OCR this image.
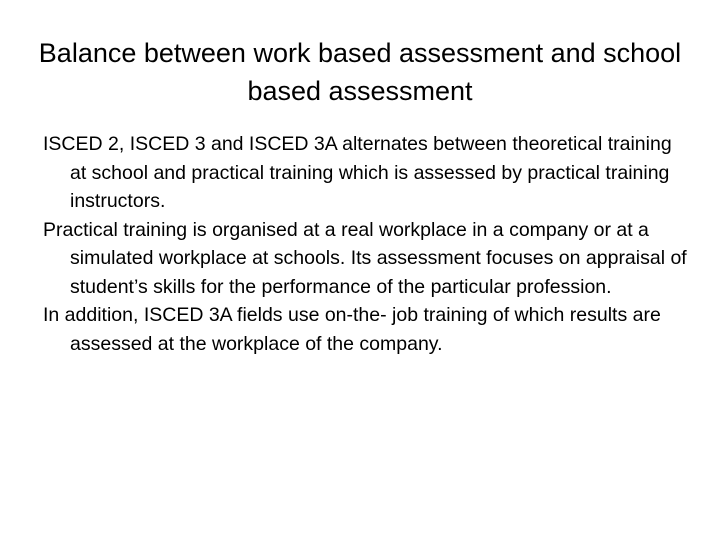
Balance between work based assessment and school based assessment
ISCED 2, ISCED 3 and ISCED 3A alternates between theoretical training at school and practical training which is assessed by practical training instructors.
Practical training is organised at a real workplace in a company or at a simulated workplace at schools. Its assessment focuses on appraisal of student’s skills for the performance of the particular profession.
In addition, ISCED 3A fields use on-the- job training of which results are assessed at the workplace of the company.
